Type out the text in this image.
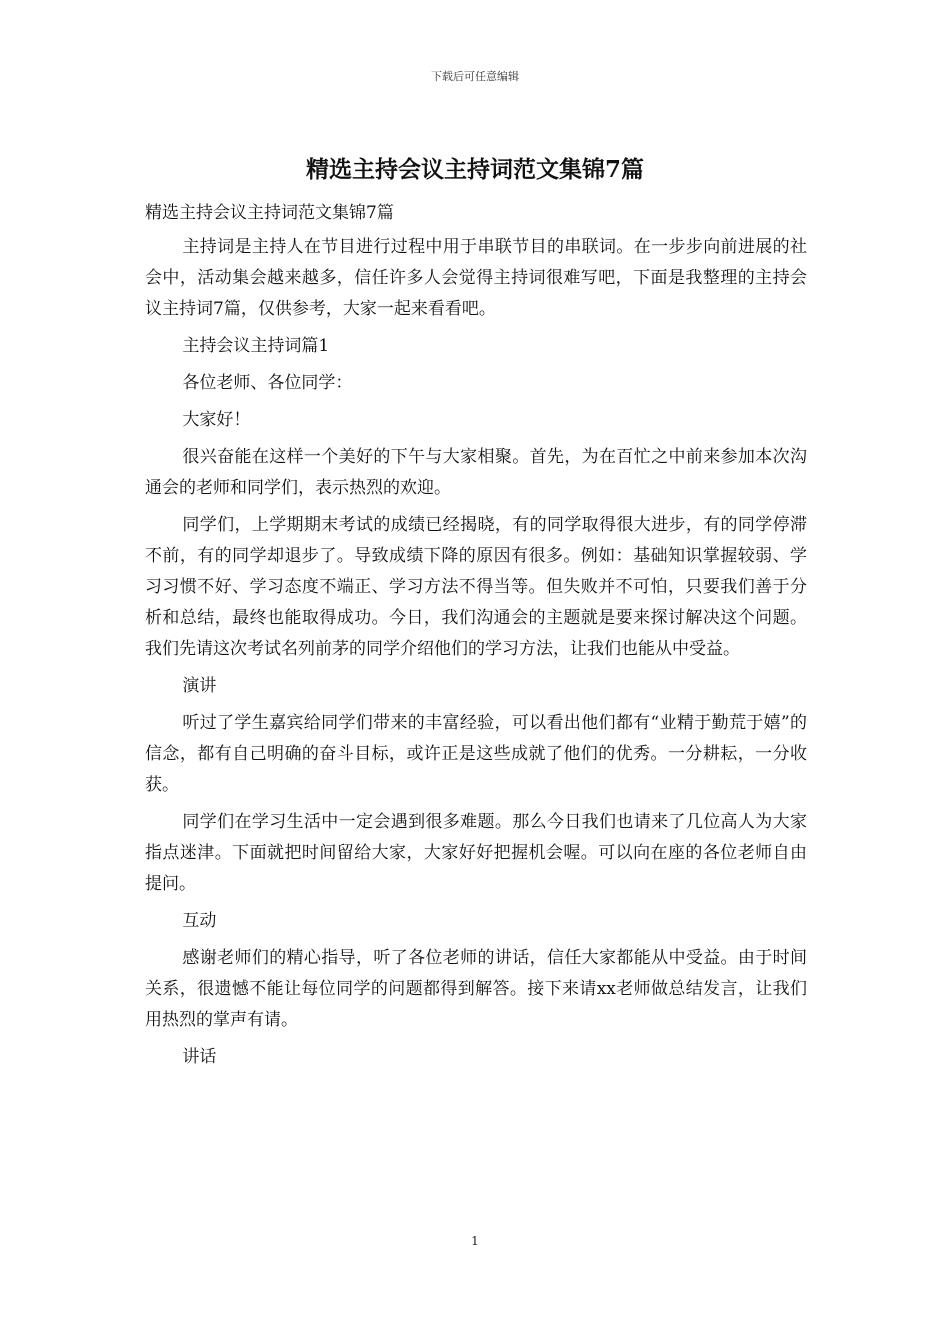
下载后可任意编辑
精选主持会议主持词范文集锦7篇

精选主持会议主持词范文集锦7篇

主持词是主持人在节目进行过程中用于串联节目的串联词。在一步步向前进展的社会中，活动集会越来越多，信任许多人会觉得主持词很难写吧，下面是我整理的主持会议主持词7篇，仅供参考，大家一起来看看吧。

主持会议主持词篇1

各位老师、各位同学：

大家好！

很兴奋能在这样一个美好的下午与大家相聚。首先，为在百忙之中前来参加本次沟通会的老师和同学们，表示热烈的欢迎。

同学们，上学期期末考试的成绩已经揭晓，有的同学取得很大进步，有的同学停滞不前，有的同学却退步了。导致成绩下降的原因有很多。例如：基础知识掌握较弱、学习习惯不好、学习态度不端正、学习方法不得当等。但失败并不可怕，只要我们善于分析和总结，最终也能取得成功。今日，我们沟通会的主题就是要来探讨解决这个问题。我们先请这次考试名列前茅的同学介绍他们的学习方法，让我们也能从中受益。

演讲

听过了学生嘉宾给同学们带来的丰富经验，可以看出他们都有“业精于勤荒于嬉”的信念，都有自己明确的奋斗目标，或许正是这些成就了他们的优秀。一分耕耘，一分收获。

同学们在学习生活中一定会遇到很多难题。那么今日我们也请来了几位高人为大家指点迷津。下面就把时间留给大家，大家好好把握机会喔。可以向在座的各位老师自由提问。

互动

感谢老师们的精心指导，听了各位老师的讲话，信任大家都能从中受益。由于时间关系，很遗憾不能让每位同学的问题都得到解答。接下来请xx老师做总结发言，让我们用热烈的掌声有请。

讲话

1
